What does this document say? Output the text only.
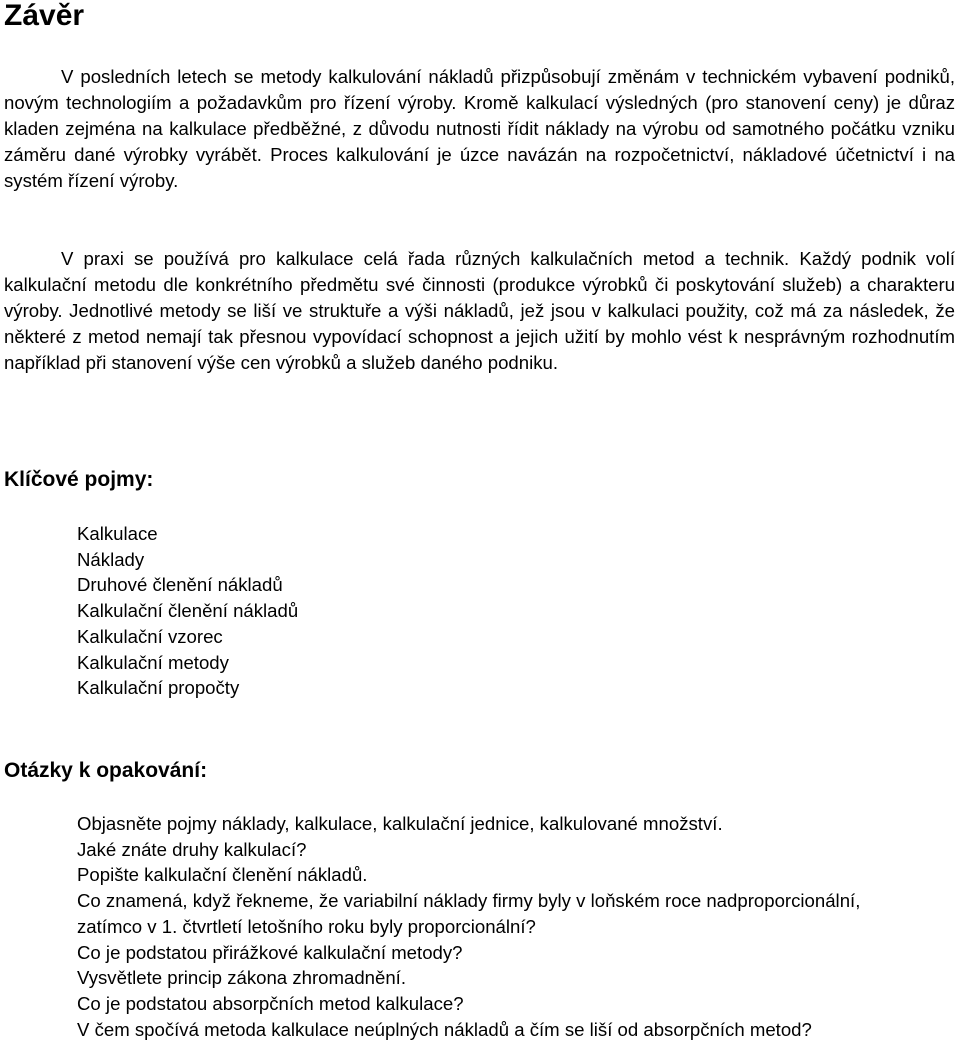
Závěr

V posledních letech se metody kalkulování nákladů přizpůsobují změnám v technickém vybavení podniků, novým technologiím a požadavkům pro řízení výroby. Kromě kalkulací výsledných (pro stanovení ceny) je důraz kladen zejména na kalkulace předběžné, z důvodu nutnosti řídit náklady na výrobu od samotného počátku vzniku záměru dané výrobky vyrábět. Proces kalkulování je úzce navázán na rozpočetnictví, nákladové účetnictví i na systém řízení výroby.

V praxi se používá pro kalkulace celá řada různých kalkulačních metod a technik. Každý podnik volí kalkulační metodu dle konkrétního předmětu své činnosti (produkce výrobků či poskytování služeb) a charakteru výroby. Jednotlivé metody se liší ve struktuře a výši nákladů, jež jsou v kalkulaci použity, což má za následek, že některé z metod nemají tak přesnou vypovídací schopnost a jejich užití by mohlo vést k nesprávným rozhodnutím například při stanovení výše cen výrobků a služeb daného podniku.

Klíčové pojmy:
Kalkulace
Náklady
Druhové členění nákladů
Kalkulační členění nákladů
Kalkulační vzorec
Kalkulační metody
Kalkulační propočty
Otázky k opakování:
Objasněte pojmy náklady, kalkulace, kalkulační jednice, kalkulované množství.
Jaké znáte druhy kalkulací?
Popište kalkulační členění nákladů.
Co znamená, když řekneme, že variabilní náklady firmy byly v loňském roce nadproporcionální, zatímco v 1. čtvrtletí letošního roku byly proporcionální?
Co je podstatou přirážkové kalkulační metody?
Vysvětlete princip zákona zhromadnění.
Co je podstatou absorpčních metod kalkulace?
V čem spočívá metoda kalkulace neúplných nákladů a čím se liší od absorpčních metod?
